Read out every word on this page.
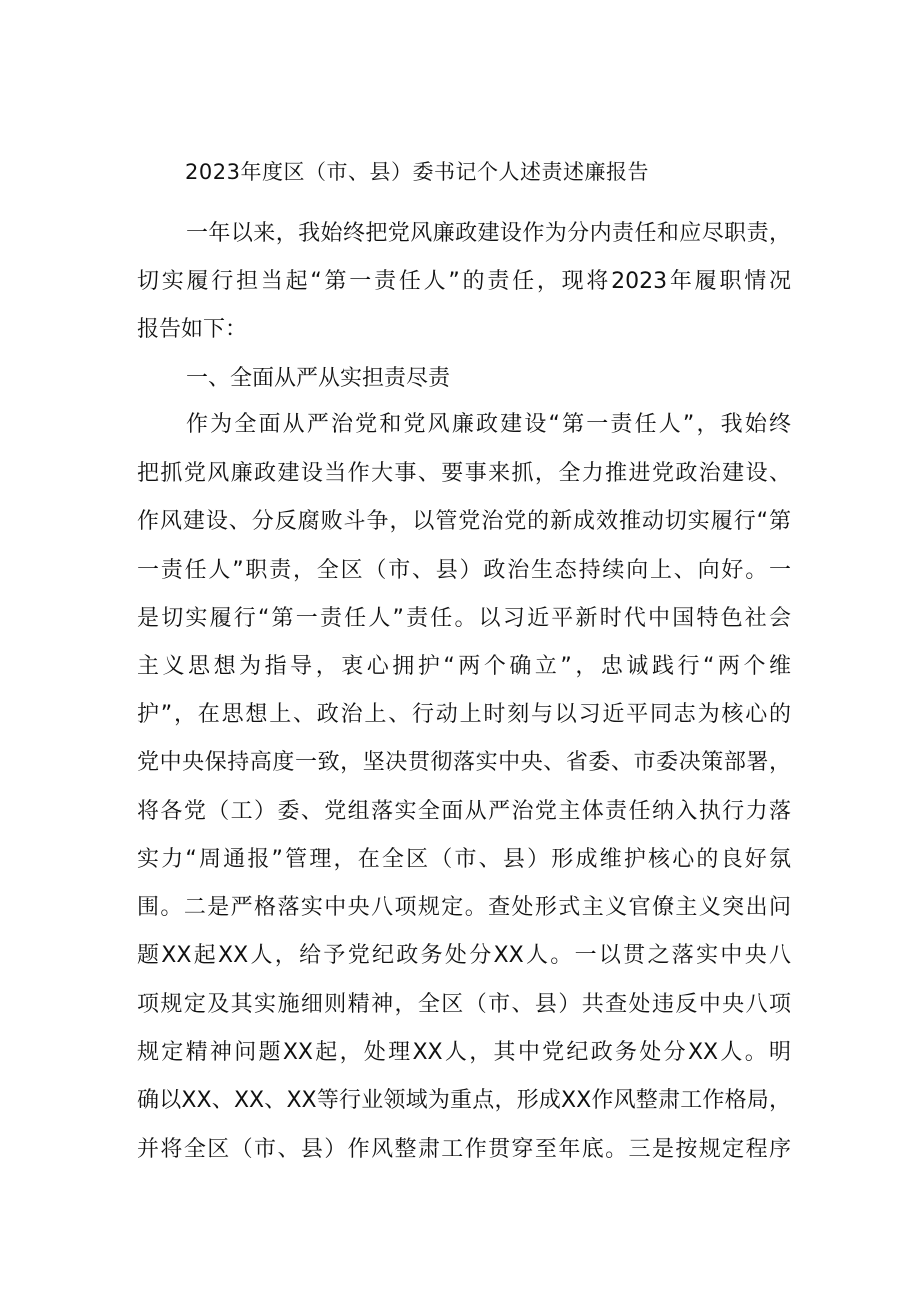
2023年度区（市、县）委书记个人述责述廉报告
一年以来，我始终把党风廉政建设作为分内责任和应尽职责，
切实履行担当起“第一责任人”的责任，现将2023年履职情况
报告如下：
一、全面从严从实担责尽责
作为全面从严治党和党风廉政建设“第一责任人”，我始终
把抓党风廉政建设当作大事、要事来抓，全力推进党政治建设、
作风建设、分反腐败斗争，以管党治党的新成效推动切实履行“第
一责任人”职责，全区（市、县）政治生态持续向上、向好。一
是切实履行“第一责任人”责任。以习近平新时代中国特色社会
主义思想为指导，衷心拥护“两个确立”，忠诚践行“两个维
护”，在思想上、政治上、行动上时刻与以习近平同志为核心的
党中央保持高度一致，坚决贯彻落实中央、省委、市委决策部署，
将各党（工）委、党组落实全面从严治党主体责任纳入执行力落
实力“周通报”管理，在全区（市、县）形成维护核心的良好氛
围。二是严格落实中央八项规定。查处形式主义官僚主义突出问
题XX起XX人，给予党纪政务处分XX人。一以贯之落实中央八
项规定及其实施细则精神，全区（市、县）共查处违反中央八项
规定精神问题XX起，处理XX人，其中党纪政务处分XX人。明
确以XX、XX、XX等行业领域为重点，形成XX作风整肃工作格局，
并将全区（市、县）作风整肃工作贯穿至年底。三是按规定程序
